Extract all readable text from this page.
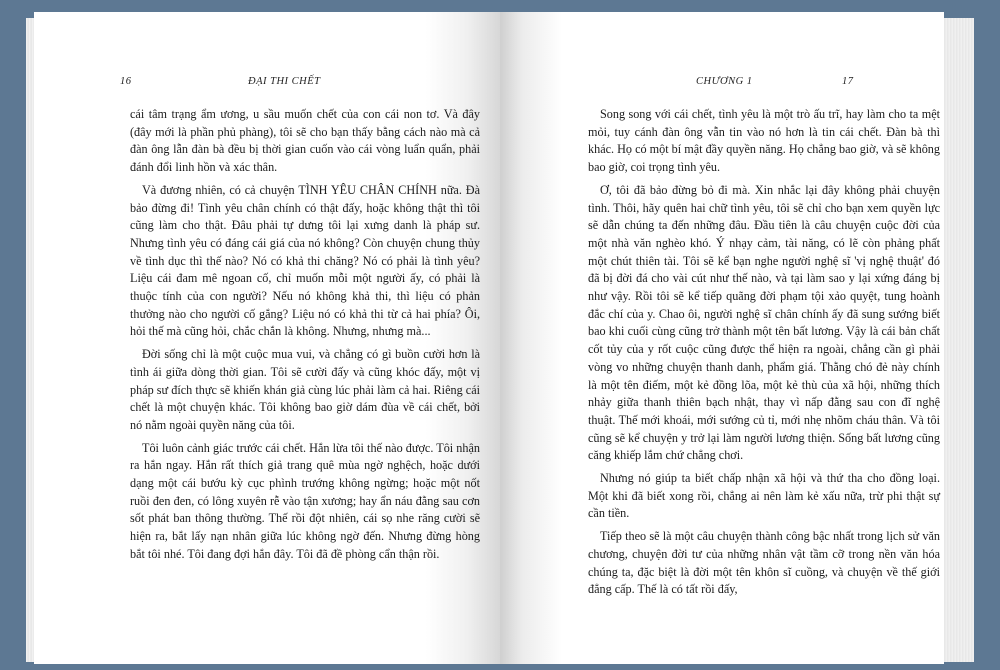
16	ĐẠI THI CHẾT

cái tâm trạng ẩm ương, u sầu muốn chết của con cái non tơ. Và đây (đây mới là phần phủ phàng), tôi sẽ cho bạn thấy bằng cách nào mà cả đàn ông lẫn đàn bà đều bị thời gian cuốn vào cái vòng luẩn quẩn, phải đánh đổi linh hồn và xác thân.

Và đương nhiên, có cả chuyện TÌNH YÊU CHÂN CHÍNH nữa. Đà bảo đừng đi! Tình yêu chân chính có thật đấy, hoặc không thật thì tôi cũng làm cho thật. Đâu phải tự dưng tôi lại xưng danh là pháp sư. Nhưng tình yêu có đáng cái giá của nó không? Còn chuyện chung thủy về tình dục thì thế nào? Nó có khả thi chăng? Nó có phải là tình yêu? Liệu cái đam mê ngoan cố, chỉ muốn mỗi một người ấy, có phải là thuộc tính của con người? Nếu nó không khả thi, thì liệu có phản thưởng nào cho người cố gắng? Liệu nó có khả thi từ cả hai phía? Ôi, hỏi thế mà cũng hỏi, chắc chắn là không. Nhưng, nhưng mà...

Đời sống chỉ là một cuộc mua vui, và chẳng có gì buồn cười hơn là tình ái giữa dòng thời gian. Tôi sẽ cười đấy và cũng khóc đấy, một vị pháp sư đích thực sẽ khiến khán giả cùng lúc phải làm cả hai. Riêng cái chết là một chuyện khác. Tôi không bao giờ dám đùa về cái chết, bởi nó nằm ngoài quyền năng của tôi.

Tôi luôn cảnh giác trước cái chết. Hắn lừa tôi thế nào được. Tôi nhận ra hắn ngay. Hắn rất thích giả trang quê mùa ngờ nghệch, hoặc dưới dạng một cái bướu kỳ cục phình trướng không ngừng; hoặc một nốt ruồi đen đen, có lông xuyên rễ vào tận xương; hay ẩn náu đằng sau cơn sốt phát ban thông thường. Thế rồi đột nhiên, cái sọ nhe răng cười sẽ hiện ra, bắt lấy nạn nhân giữa lúc không ngờ đến. Nhưng đừng hòng bắt tôi nhé. Tôi đang đợi hắn đây. Tôi đã đề phòng cẩn thận rồi.

CHƯƠNG 1	17

Song song với cái chết, tình yêu là một trò ấu trĩ, hay làm cho ta mệt mỏi, tuy cánh đàn ông vẫn tin vào nó hơn là tin cái chết. Đàn bà thì khác. Họ có một bí mật đầy quyền năng. Họ chẳng bao giờ, và sẽ không bao giờ, coi trọng tình yêu.

Ơ, tôi đã bảo đừng bỏ đi mà. Xin nhắc lại đây không phải chuyện tình. Thôi, hãy quên hai chữ tình yêu, tôi sẽ chỉ cho bạn xem quyền lực sẽ dẫn chúng ta đến những đâu. Đầu tiên là câu chuyện cuộc đời của một nhà văn nghèo khó. Ý nhạy cảm, tài năng, có lẽ còn phảng phất một chút thiên tài. Tôi sẽ kể bạn nghe người nghệ sĩ 'vị nghệ thuật' đó đã bị đời đá cho vài cút như thế nào, và tại làm sao y lại xứng đáng bị như vậy. Rồi tôi sẽ kể tiếp quãng đời phạm tội xảo quyệt, tung hoành đắc chí của y. Chao ôi, người nghệ sĩ chân chính ấy đã sung sướng biết bao khi cuối cùng cũng trở thành một tên bất lương. Vậy là cái bản chất cốt tủy của y rốt cuộc cũng được thể hiện ra ngoài, chẳng cần gì phải vòng vo những chuyện thanh danh, phẩm giá. Thằng chó đẻ này chính là một tên điếm, một kẻ đồng lõa, một kẻ thù của xã hội, những thích nhảy giữa thanh thiên bạch nhật, thay vì nấp đằng sau con đĩ nghệ thuật. Thế mới khoái, mới sướng củ tỉ, mới nhẹ nhõm cháu thân. Và tôi cũng sẽ kể chuyện y trở lại làm người lương thiện. Sống bất lương cũng căng khiếp lắm chứ chẳng chơi.

Nhưng nó giúp ta biết chấp nhận xã hội và thứ tha cho đồng loại. Một khi đã biết xong rồi, chẳng ai nên làm kẻ xấu nữa, trừ phi thật sự cần tiền.

Tiếp theo sẽ là một câu chuyện thành công bậc nhất trong lịch sử văn chương, chuyện đời tư của những nhân vật tầm cỡ trong nền văn hóa chúng ta, đặc biệt là đời một tên khôn sĩ cuồng, và chuyện về thế giới đẳng cấp. Thế là có tất rồi đấy,
